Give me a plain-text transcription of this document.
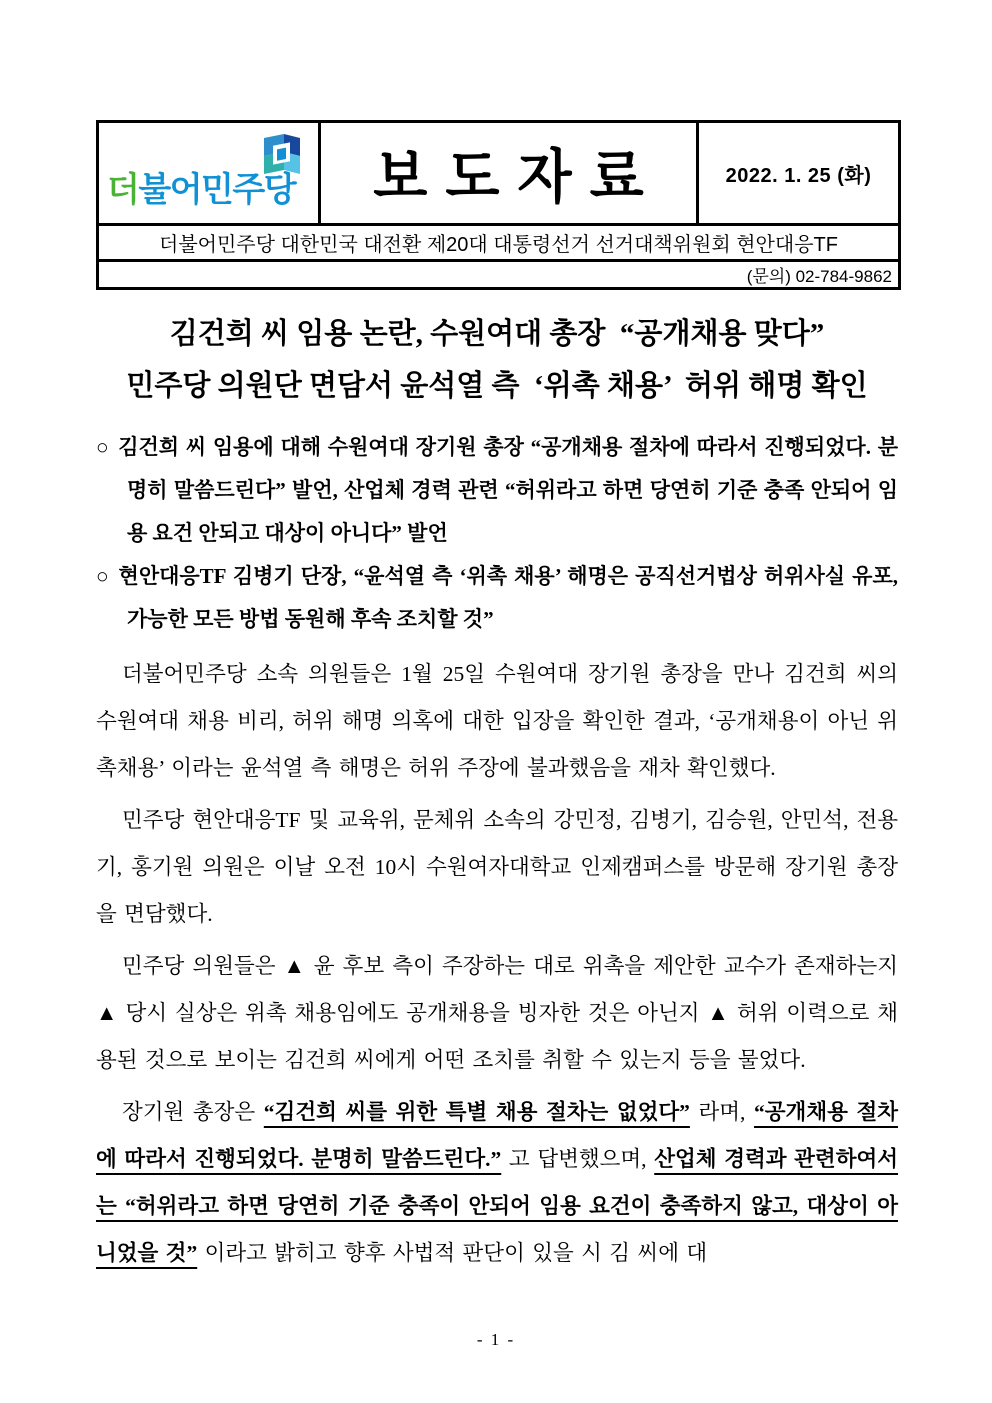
더불어민주당	보도자료	2022. 1. 25 (화)

더불어민주당 대한민국 대전환 제20대 대통령선거 선거대책위원회 현안대응TF
(문의) 02-784-9862
김건희 씨 임용 논란, 수원여대 총장  “공개채용 맞다”
민주당 의원단 면담서 윤석열 측  ‘위촉 채용’  허위 해명 확인

○ 김건희 씨 임용에 대해 수원여대 장기원 총장 “공개채용 절차에 따라서 진행되었다. 분명히 말씀드린다” 발언, 산업체 경력 관련 “허위라고 하면 당연히 기준 충족 안되어 임용 요건 안되고 대상이 아니다” 발언

○ 현안대응TF 김병기 단장, “윤석열 측 ‘위촉 채용’ 해명은 공직선거법상 허위사실 유포, 가능한 모든 방법 동원해 후속 조치할 것”

더불어민주당 소속 의원들은 1월 25일 수원여대 장기원 총장을 만나 김건희 씨의 수원여대 채용 비리, 허위 해명 의혹에 대한 입장을 확인한 결과, ‘공개채용이 아닌 위촉채용’ 이라는 윤석열 측 해명은 허위 주장에 불과했음을 재차 확인했다.

민주당 현안대응TF 및 교육위, 문체위 소속의 강민정, 김병기, 김승원, 안민석, 전용기, 홍기원 의원은 이날 오전 10시 수원여자대학교 인제캠퍼스를 방문해 장기원 총장을 면담했다.

민주당 의원들은 ▲ 윤 후보 측이 주장하는 대로 위촉을 제안한 교수가 존재하는지 ▲ 당시 실상은 위촉 채용임에도 공개채용을 빙자한 것은 아닌지 ▲ 허위 이력으로 채용된 것으로 보이는 김건희 씨에게 어떤 조치를 취할 수 있는지 등을 물었다.

장기원 총장은 “김건희 씨를 위한 특별 채용 절차는 없었다” 라며, “공개채용 절차에 따라서 진행되었다. 분명히 말씀드린다.” 고 답변했으며, 산업체 경력과 관련하여서는 “허위라고 하면 당연히 기준 충족이 안되어 임용 요건이 충족하지 않고, 대상이 아니었을 것” 이라고 밝히고 향후 사법적 판단이 있을 시 김 씨에 대

- 1 -
